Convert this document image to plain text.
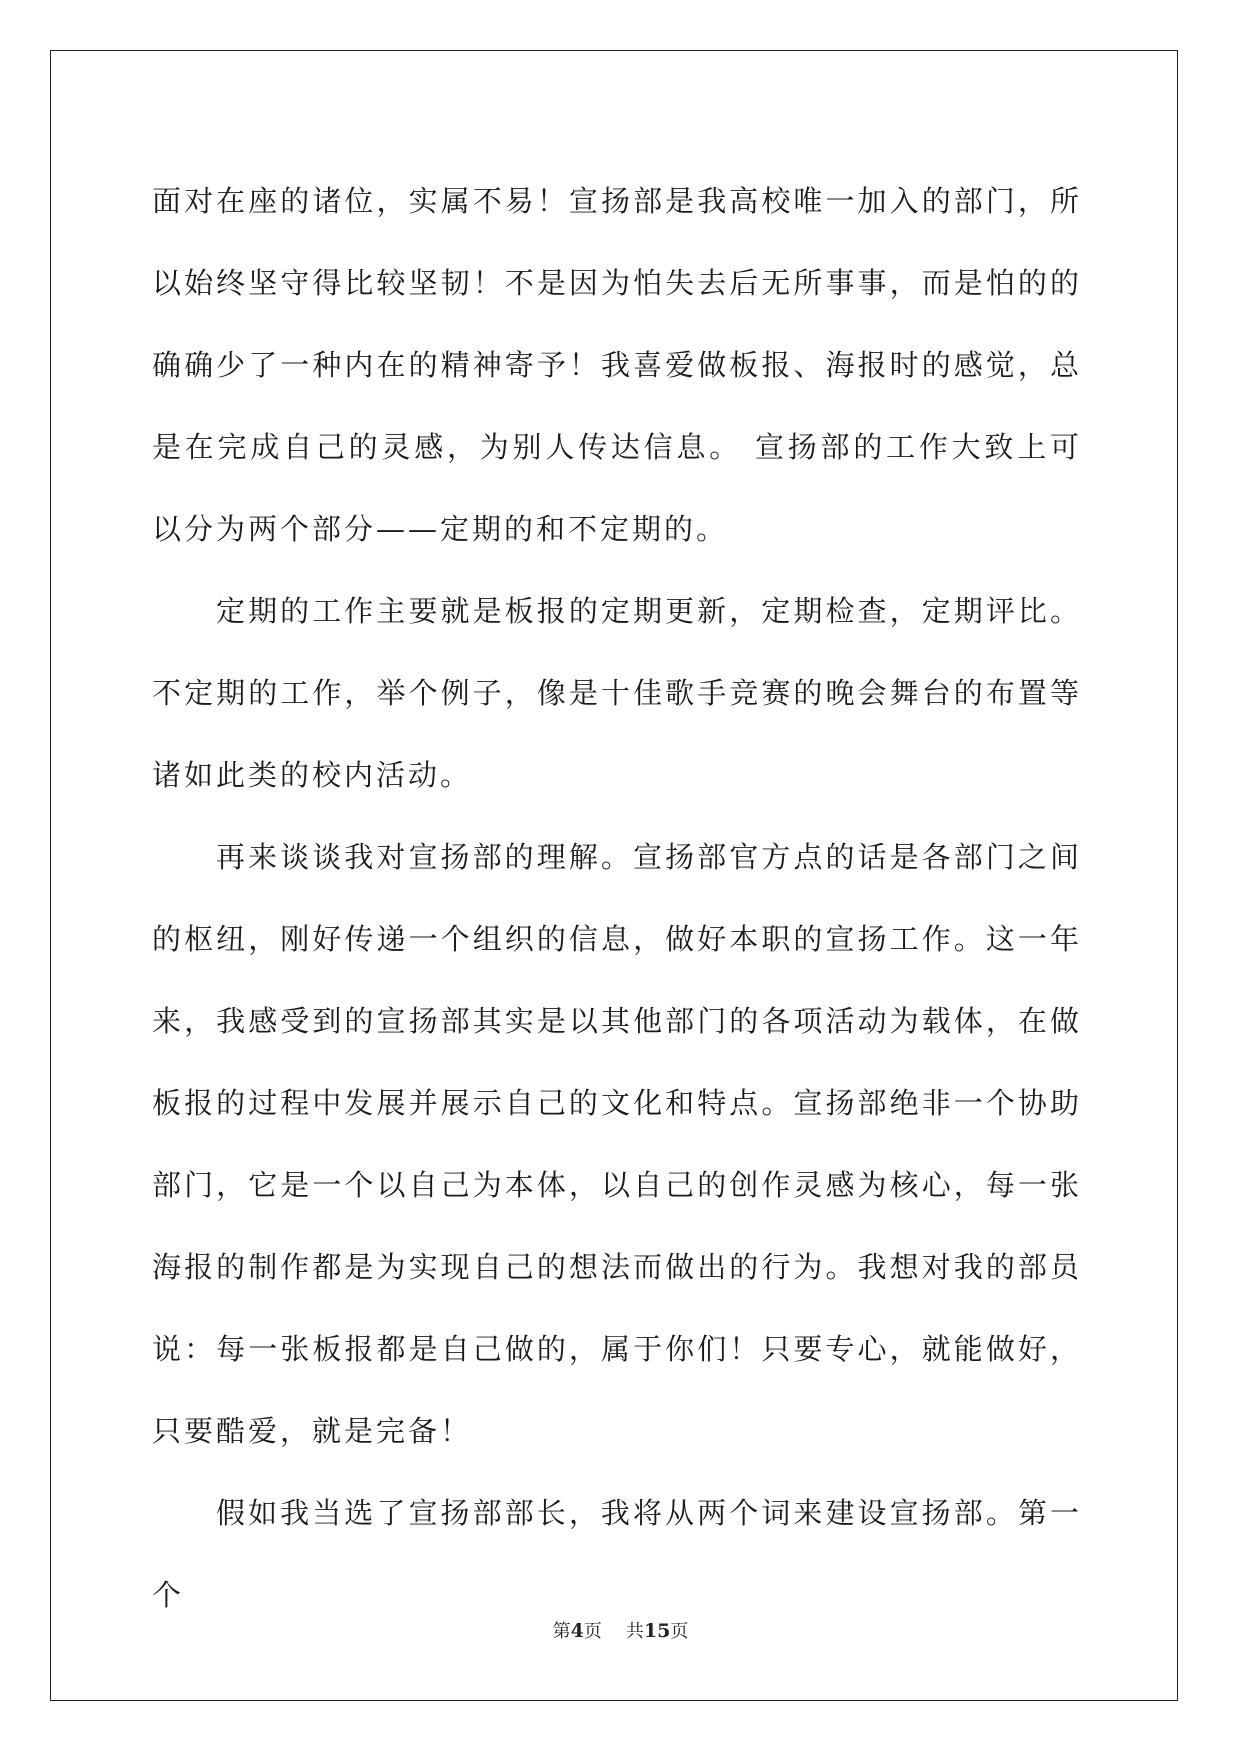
面对在座的诸位，实属不易！宣扬部是我高校唯一加入的部门，所以始终坚守得比较坚韧！不是因为怕失去后无所事事，而是怕的的确确少了一种内在的精神寄予！我喜爱做板报、海报时的感觉，总是在完成自己的灵感，为别人传达信息。 宣扬部的工作大致上可以分为两个部分——定期的和不定期的。

定期的工作主要就是板报的定期更新，定期检查，定期评比。不定期的工作，举个例子，像是十佳歌手竞赛的晚会舞台的布置等诸如此类的校内活动。

再来谈谈我对宣扬部的理解。宣扬部官方点的话是各部门之间的枢纽，刚好传递一个组织的信息，做好本职的宣扬工作。这一年来，我感受到的宣扬部其实是以其他部门的各项活动为载体，在做板报的过程中发展并展示自己的文化和特点。宣扬部绝非一个协助部门，它是一个以自己为本体，以自己的创作灵感为核心，每一张海报的制作都是为实现自己的想法而做出的行为。我想对我的部员说：每一张板报都是自己做的，属于你们！只要专心，就能做好，只要酷爱，就是完备！

假如我当选了宣扬部部长，我将从两个词来建设宣扬部。第一个

第4页 共15页
